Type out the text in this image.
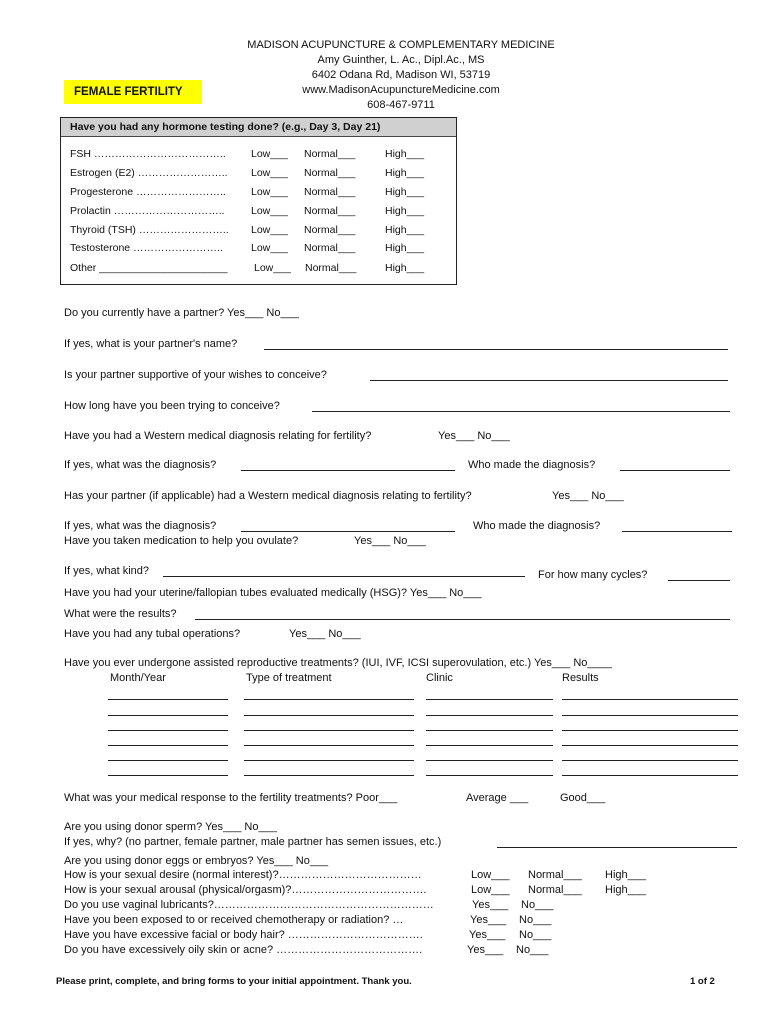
MADISON ACUPUNCTURE & COMPLEMENTARY MEDICINE
Amy Guinther, L. Ac., Dipl.Ac., MS
6402 Odana Rd, Madison WI, 53719
www.MadisonAcupunctureMedicine.com
608-467-9711
FEMALE FERTILITY
Have you had any hormone testing done? (e.g., Day 3, Day 21)
FSH ……………………………….. Low___ Normal___	High___
Estrogen (E2) …………………….. Low___ Normal___	High___
Progesterone …………………….. Low___ Normal___	High___
Prolactin …………………………..	Low___ Normal___	High___
Thyroid (TSH) …………………….. Low___ Normal___	High___
Testosterone ……………………..	Low___ Normal___	High___
Other ______________________	Low___ Normal___	High___
Do you currently have a partner? Yes___ No___
If yes, what is your partner's name?
Is your partner supportive of your wishes to conceive?
How long have you been trying to conceive?
Have you had a Western medical diagnosis relating for fertility?	Yes___ No___
If yes, what was the diagnosis?	Who made the diagnosis?
Has your partner (if applicable) had a Western medical diagnosis relating to fertility?	Yes___ No___
If yes, what was the diagnosis?	Who made the diagnosis?
Have you taken medication to help you ovulate?	Yes___ No___
If yes, what kind?	For how many cycles?
Have you had your uterine/fallopian tubes evaluated medically (HSG)? Yes___ No___
What were the results?
Have you had any tubal operations?	Yes___ No___
Have you ever undergone assisted reproductive treatments? (IUI, IVF, ICSI superovulation, etc.) Yes___ No____
Month/Year	Type of treatment	Clinic	Results
What was your medical response to the fertility treatments? Poor___	Average ___	Good___
Are you using donor sperm? Yes___ No___
If yes, why? (no partner, female partner, male partner has semen issues, etc.)
Are you using donor eggs or embryos? Yes___ No___
How is your sexual desire (normal interest)?…………………………………	Low___ Normal___ High___
How is your sexual arousal (physical/orgasm)?……………………………….	Low___ Normal___ High___
Do you use vaginal lubricants?……………………………………………………	Yes___ No___
Have you been exposed to or received chemotherapy or radiation? …	Yes___ No___
Have you have excessive facial or body hair? ……………………………….	Yes___ No___
Do you have excessively oily skin or acne? ………………………………….	Yes___ No___
Please print, complete, and bring forms to your initial appointment. Thank you.	1 of 2
